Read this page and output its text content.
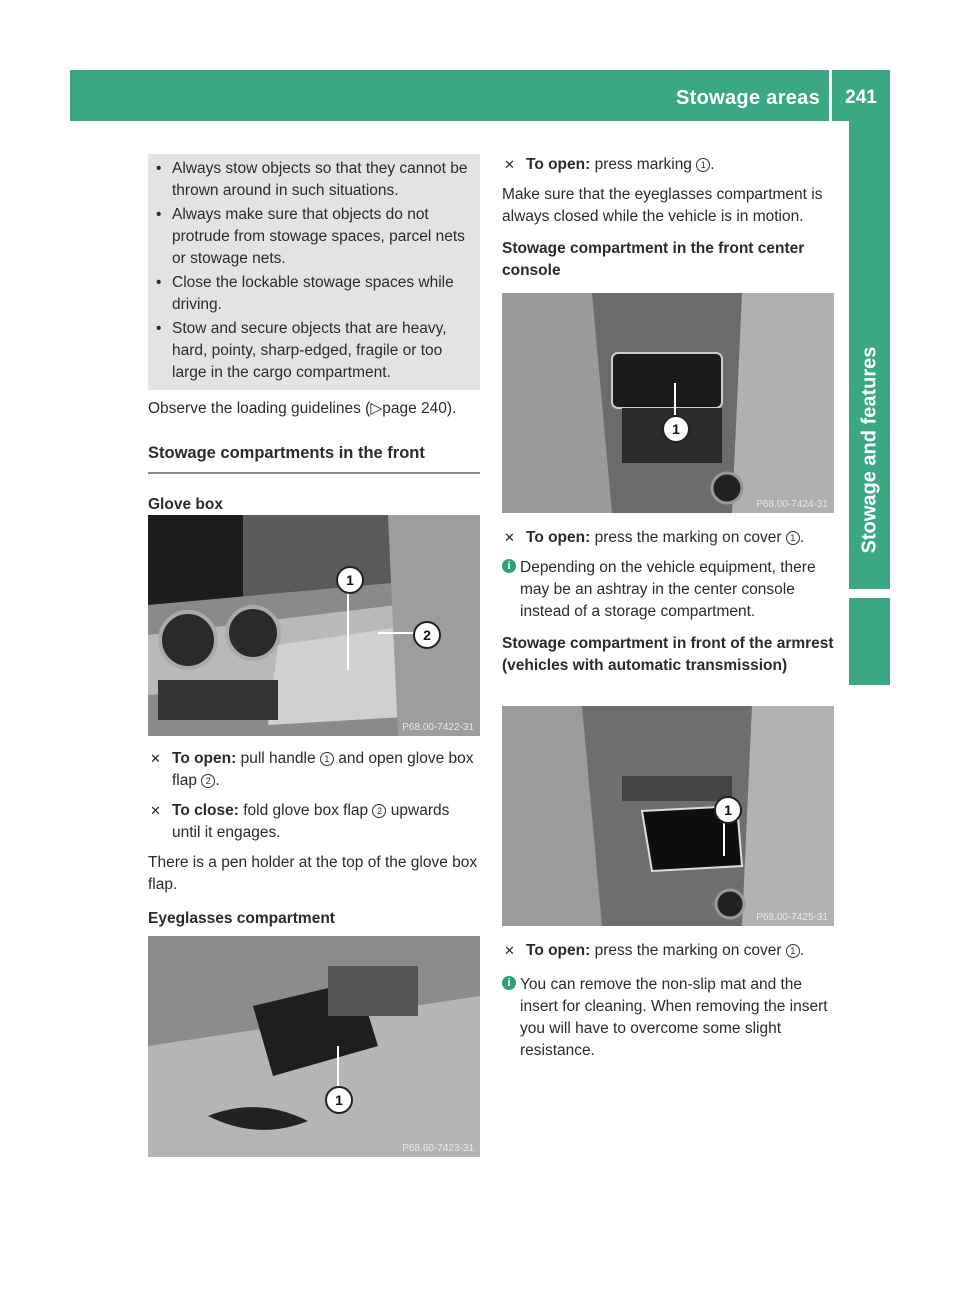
Stowage areas	241
Stowage and features
• Always stow objects so that they cannot be thrown around in such situations.
• Always make sure that objects do not protrude from stowage spaces, parcel nets or stowage nets.
• Close the lockable stowage spaces while driving.
• Stow and secure objects that are heavy, hard, pointy, sharp-edged, fragile or too large in the cargo compartment.

Observe the loading guidelines (▷page 240).

Stowage compartments in the front
Glove box
1
2
P68.00-7422-31
✕ To open: pull handle 1 and open glove box flap 2 .
✕ To close: fold glove box flap 2 upwards until it engages.

There is a pen holder at the top of the glove box flap.

Eyeglasses compartment
1
P68.60-7423-31
✕ To open: press marking 1 .

Make sure that the eyeglasses compartment is always closed while the vehicle is in motion.

Stowage compartment in the front center console
1
P68.00-7424-31
✕ To open: press the marking on cover 1 .
i Depending on the vehicle equipment, there may be an ashtray in the center console instead of a storage compartment.
Stowage compartment in front of the armrest (vehicles with automatic transmission)
1
P68.00-7425-31
✕ To open: press the marking on cover 1 .
i You can remove the non-slip mat and the insert for cleaning. When removing the insert you will have to overcome some slight resistance.
